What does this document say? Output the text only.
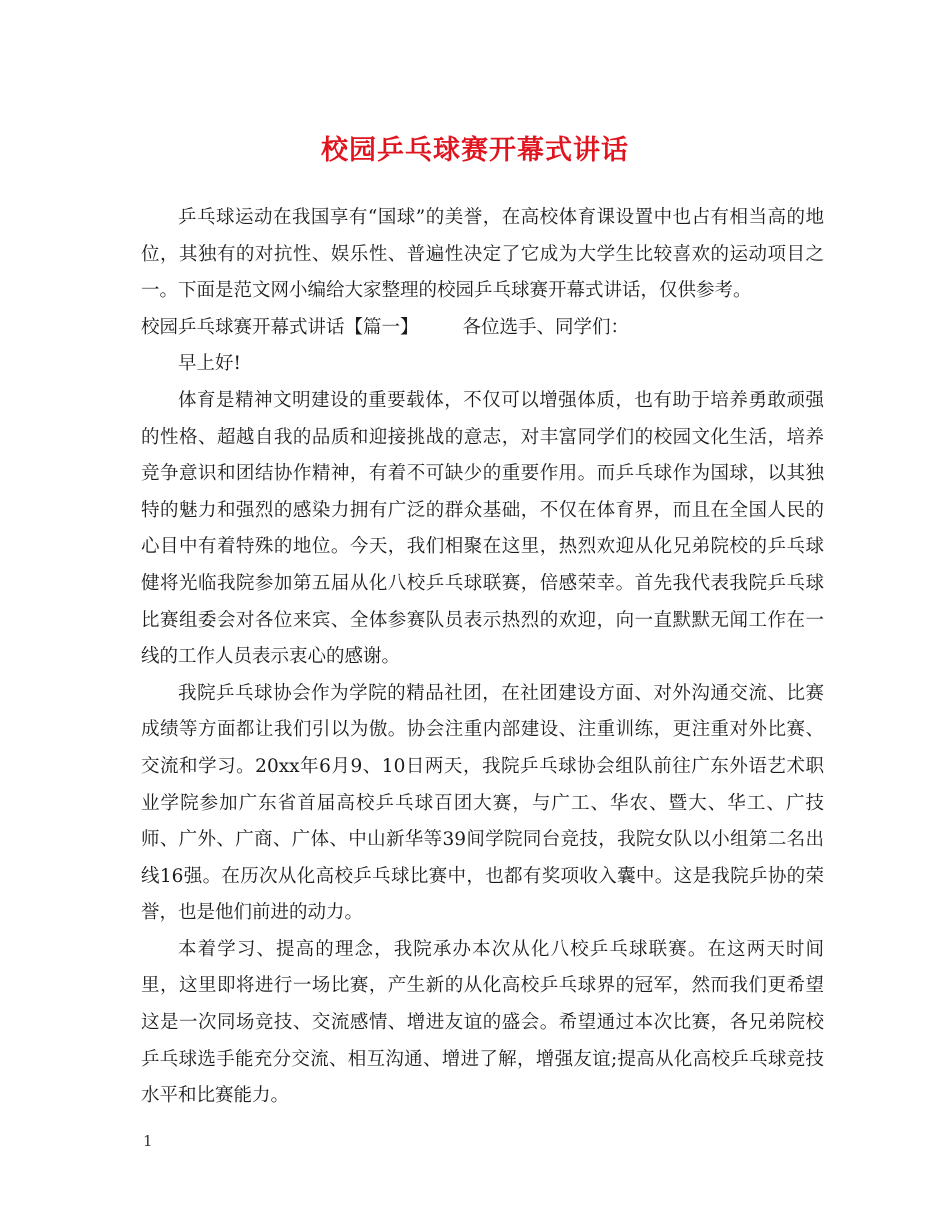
校园乒乓球赛开幕式讲话

乒乓球运动在我国享有“国球”的美誉，在高校体育课设置中也占有相当高的地位，其独有的对抗性、娱乐性、普遍性决定了它成为大学生比较喜欢的运动项目之一。下面是范文网小编给大家整理的校园乒乓球赛开幕式讲话，仅供参考。

校园乒乓球赛开幕式讲话【篇一】 各位选手、同学们：

早上好!

体育是精神文明建设的重要载体，不仅可以增强体质，也有助于培养勇敢顽强的性格、超越自我的品质和迎接挑战的意志，对丰富同学们的校园文化生活，培养竞争意识和团结协作精神，有着不可缺少的重要作用。而乒乓球作为国球，以其独特的魅力和强烈的感染力拥有广泛的群众基础，不仅在体育界，而且在全国人民的心目中有着特殊的地位。今天，我们相聚在这里，热烈欢迎从化兄弟院校的乒乓球健将光临我院参加第五届从化八校乒乓球联赛，倍感荣幸。首先我代表我院乒乓球比赛组委会对各位来宾、全体参赛队员表示热烈的欢迎，向一直默默无闻工作在一线的工作人员表示衷心的感谢。

我院乒乓球协会作为学院的精品社团，在社团建设方面、对外沟通交流、比赛成绩等方面都让我们引以为傲。协会注重内部建设、注重训练，更注重对外比赛、交流和学习。20xx年6月9、10日两天，我院乒乓球协会组队前往广东外语艺术职业学院参加广东省首届高校乒乓球百团大赛，与广工、华农、暨大、华工、广技师、广外、广商、广体、中山新华等39间学院同台竞技，我院女队以小组第二名出线16强。在历次从化高校乒乓球比赛中，也都有奖项收入囊中。这是我院乒协的荣誉，也是他们前进的动力。

本着学习、提高的理念，我院承办本次从化八校乒乓球联赛。在这两天时间里，这里即将进行一场比赛，产生新的从化高校乒乓球界的冠军，然而我们更希望这是一次同场竞技、交流感情、增进友谊的盛会。希望通过本次比赛，各兄弟院校乒乓球选手能充分交流、相互沟通、增进了解，增强友谊;提高从化高校乒乓球竞技水平和比赛能力。

1
